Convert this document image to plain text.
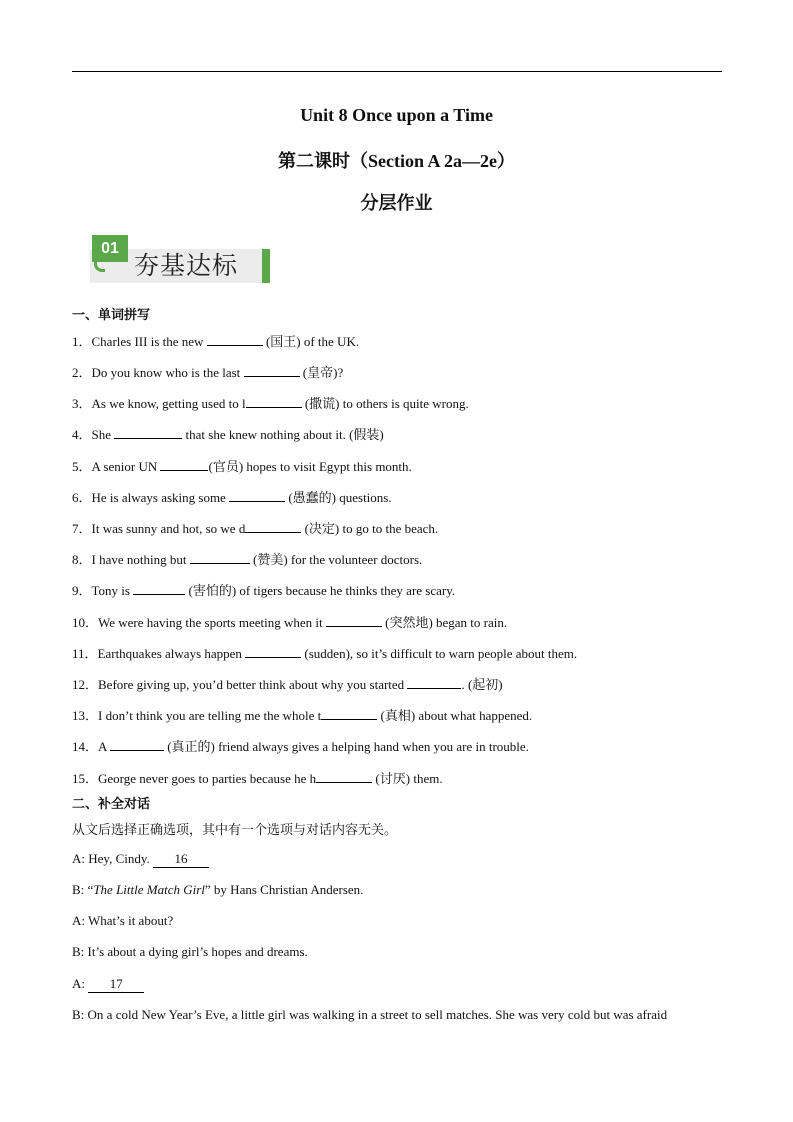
Unit 8 Once upon a Time
第二课时（Section A 2a—2e）
分层作业
01
夯基达标
一、单词拼写
1．Charles III is the new	(国王) of the UK.
2．Do you know who is the last	(皇帝)?
3．As we know, getting used to l	(撒谎) to others is quite wrong.
4．She	that she knew nothing about it. (假装)
5．A senior UN	(官员) hopes to visit Egypt this month.
6．He is always asking some	(愚蠢的) questions.
7．It was sunny and hot, so we d	(决定) to go to the beach.
8．I have nothing but	(赞美) for the volunteer doctors.
9．Tony is	(害怕的) of tigers because he thinks they are scary.
10．We were having the sports meeting when it	(突然地) began to rain.
11．Earthquakes always happen	(sudden), so it’s difficult to warn people about them.
12．Before giving up, you’d better think about why you started	. (起初)
13．I don’t think you are telling me the whole t	(真相) about what happened.
14．A	(真正的) friend always gives a helping hand when you are in trouble.
15．George never goes to parties because he h	(讨厌) them.
二、补全对话
从文后选择正确选项，其中有一个选项与对话内容无关。
A: Hey, Cindy. 16
B: “The Little Match Girl” by Hans Christian Andersen.
A: What’s it about?
B: It’s about a dying girl’s hopes and dreams.
A: 17
B: On a cold New Year’s Eve, a little girl was walking in a street to sell matches. She was very cold but was afraid
